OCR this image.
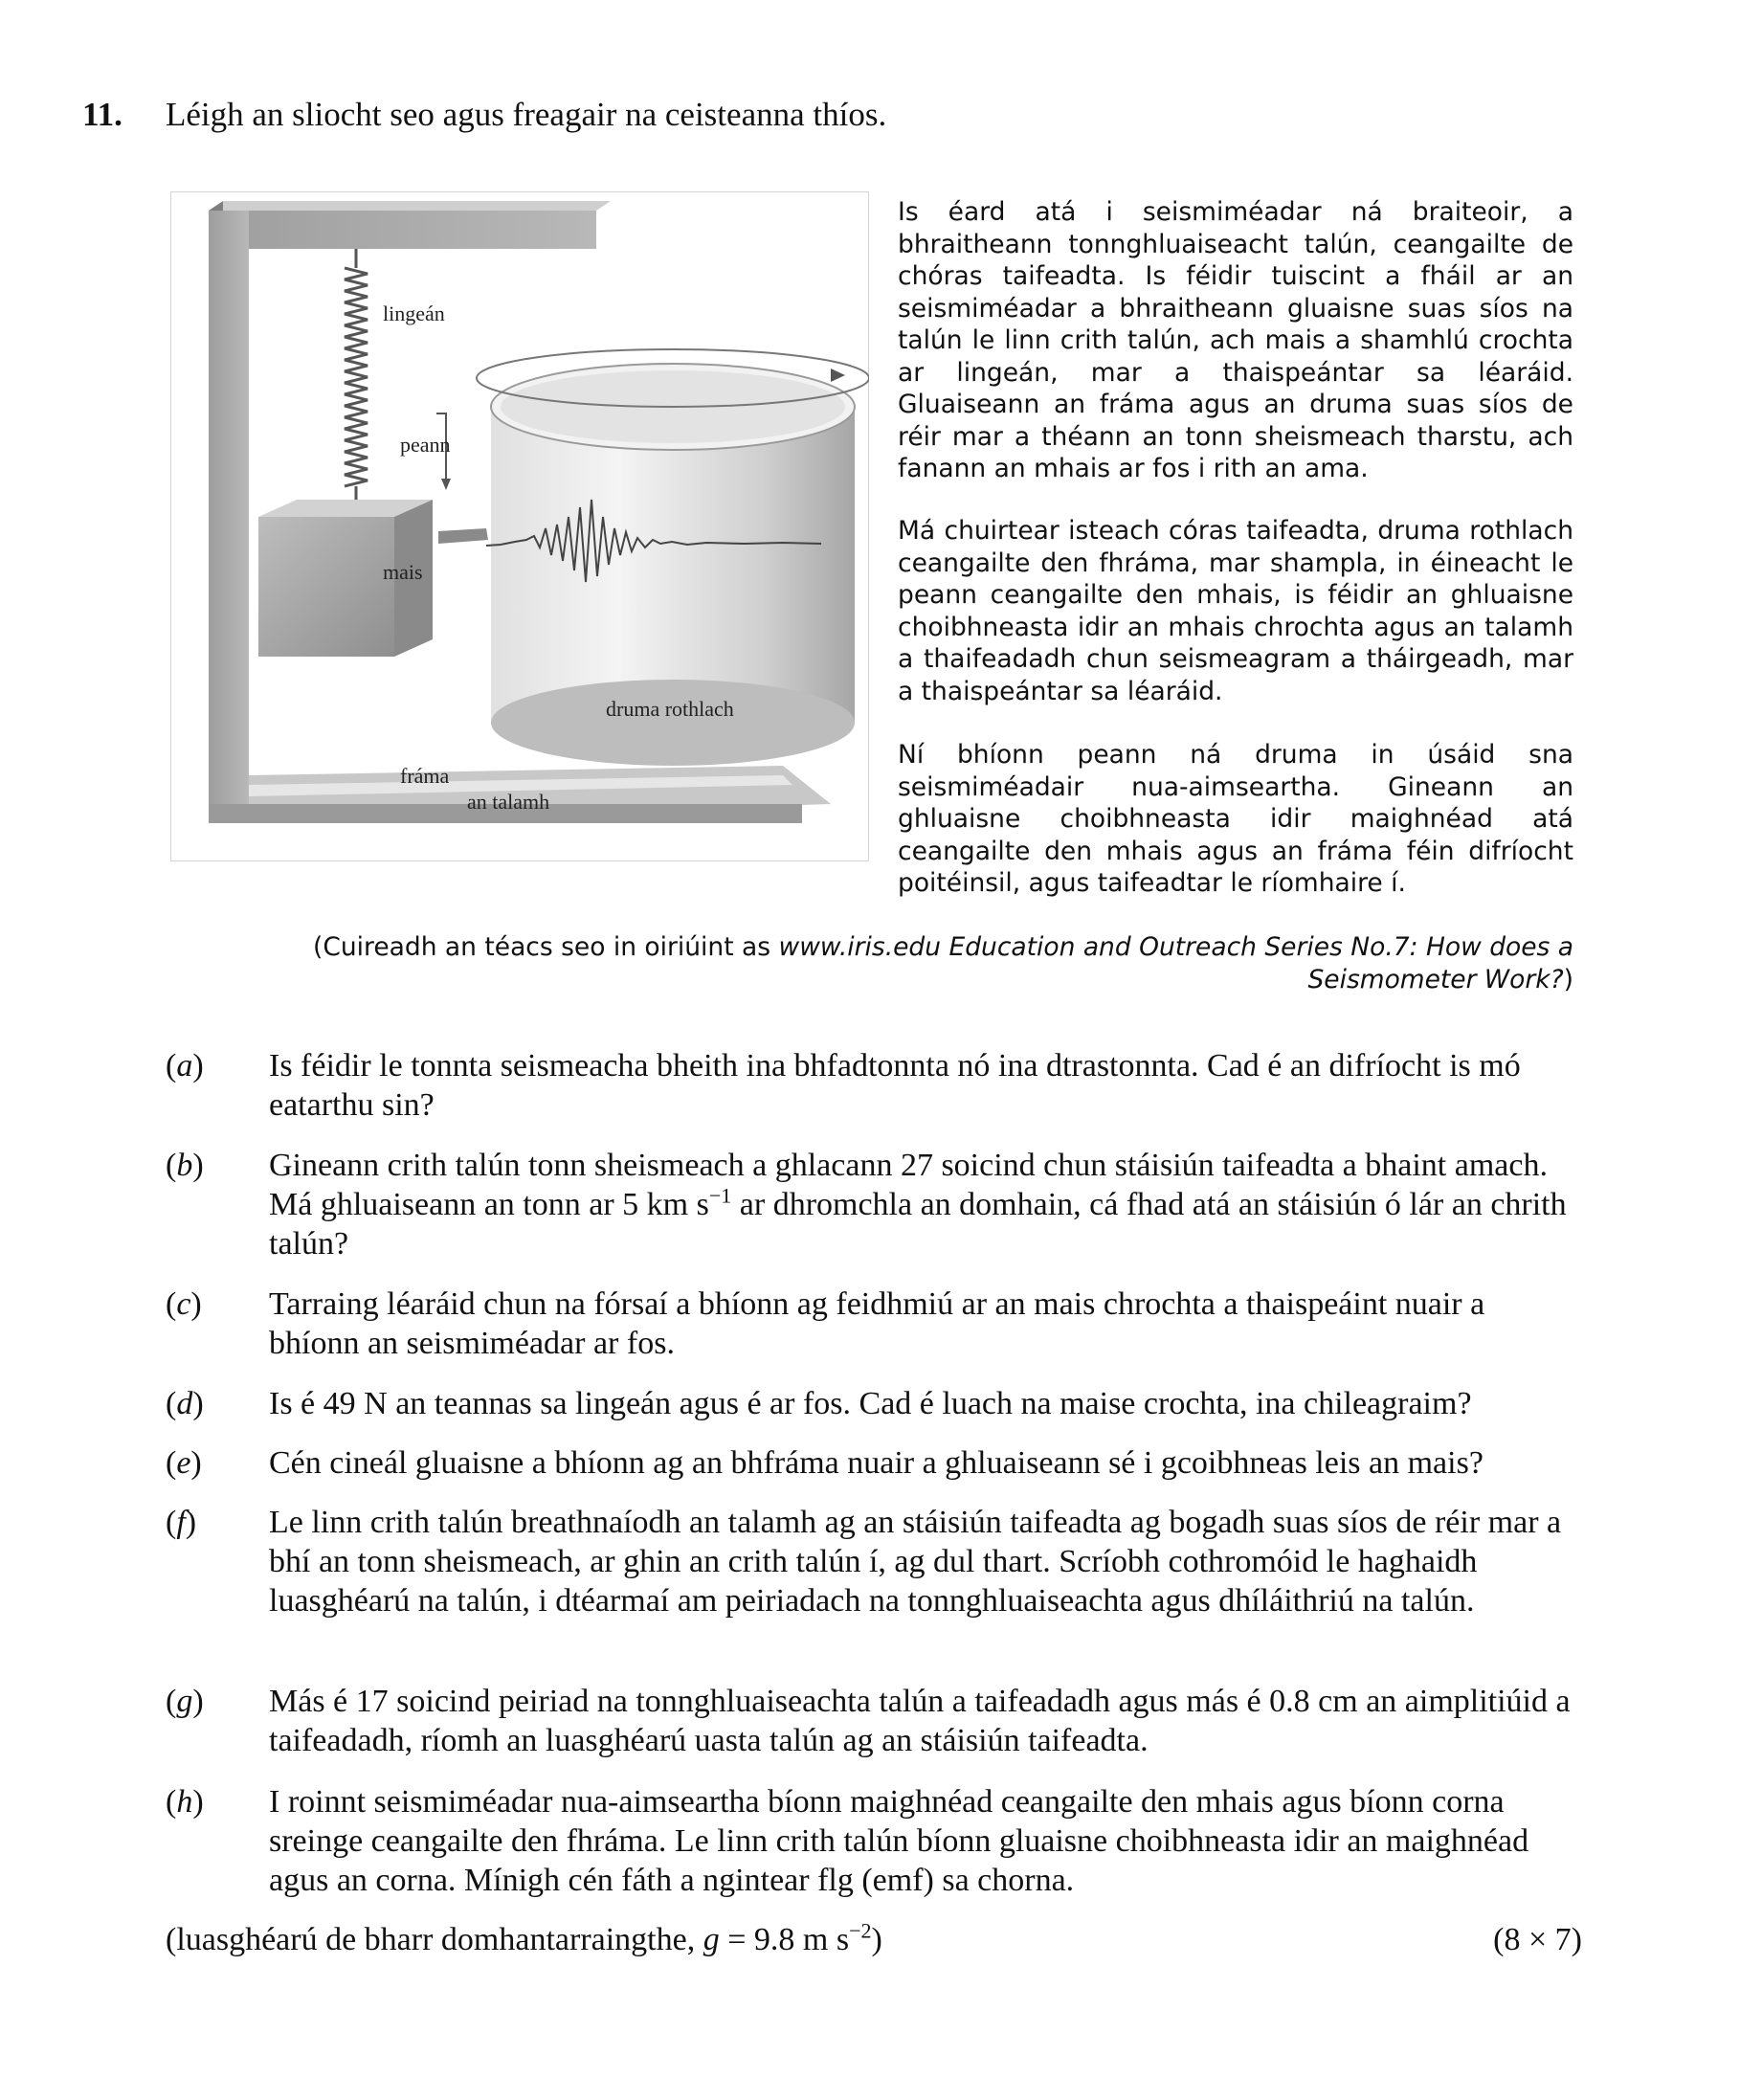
11. Léigh an sliocht seo agus freagair na ceisteanna thíos.
lingeán
peann
mais
druma rothlach
fráma
an talamh
Is éard atá i seismiméadar ná braiteoir, a bhraitheann tonnghluaiseacht talún, ceangailte de chóras taifeadta. Is féidir tuiscint a fháil ar an seismiméadar a bhraitheann gluaisne suas síos na talún le linn crith talún, ach mais a shamhlú crochta ar lingeán, mar a thaispeántar sa léaráid. Gluaiseann an fráma agus an druma suas síos de réir mar a théann an tonn sheismeach tharstu, ach fanann an mhais ar fos i rith an ama.
Má chuirtear isteach córas taifeadta, druma rothlach ceangailte den fhráma, mar shampla, in éineacht le peann ceangailte den mhais, is féidir an ghluaisne choibhneasta idir an mhais chrochta agus an talamh a thaifeadadh chun seismeagram a tháirgeadh, mar a thaispeántar sa léaráid.
Ní bhíonn peann ná druma in úsáid sna seismiméadair nua-aimseartha. Gineann an ghluaisne choibhneasta idir maighnéad atá ceangailte den mhais agus an fráma féin difríocht poitéinsil, agus taifeadtar le ríomhaire í.
(Cuireadh an téacs seo in oiriúint as www.iris.edu Education and Outreach Series No.7: How does a Seismometer Work?)
(a) Is féidir le tonnta seismeacha bheith ina bhfadtonnta nó ina dtrastonnta. Cad é an difríocht is mó eatarthu sin?
(b) Gineann crith talún tonn sheismeach a ghlacann 27 soicind chun stáisiún taifeadta a bhaint amach. Má ghluaiseann an tonn ar 5 km $s^{-1}$ ar dhromchla an domhain, cá fhad atá an stáisiún ó lár an chrith talún?
(c) Tarraing léaráid chun na fórsaí a bhíonn ag feidhmiú ar an mais chrochta a thaispeáint nuair a bhíonn an seismiméadar ar fos.
(d) Is é 49 N an teannas sa lingeán agus é ar fos. Cad é luach na maise crochta, ina chileagraim?
(e) Cén cineál gluaisne a bhíonn ag an bhfráma nuair a ghluaiseann sé i gcoibhneas leis an mais?
(f) Le linn crith talún breathnaíodh an talamh ag an stáisiún taifeadta ag bogadh suas síos de réir mar a bhí an tonn sheismeach, ar ghin an crith talún í, ag dul thart. Scríobh cothromóid le haghaidh luasghéarú na talún, i dtéarmaí am peiriadach na tonnghluaiseachta agus dhíláithriú na talún.
(g) Más é 17 soicind peiriad na tonnghluaiseachta talún a taifeadadh agus más é 0.8 cm an aimplitiúid a taifeadadh, ríomh an luasghéarú uasta talún ag an stáisiún taifeadta.
(h) I roinnt seismiméadar nua-aimseartha bíonn maighnéad ceangailte den mhais agus bíonn corna sreinge ceangailte den fhráma. Le linn crith talún bíonn gluaisne choibhneasta idir an maighnéad agus an corna. Mínigh cén fáth a ngintear flg (emf) sa chorna.
(luasghéarú de bharr domhantarraingthe, g = 9.8 m $s^{-2}$)	(8 × 7)
